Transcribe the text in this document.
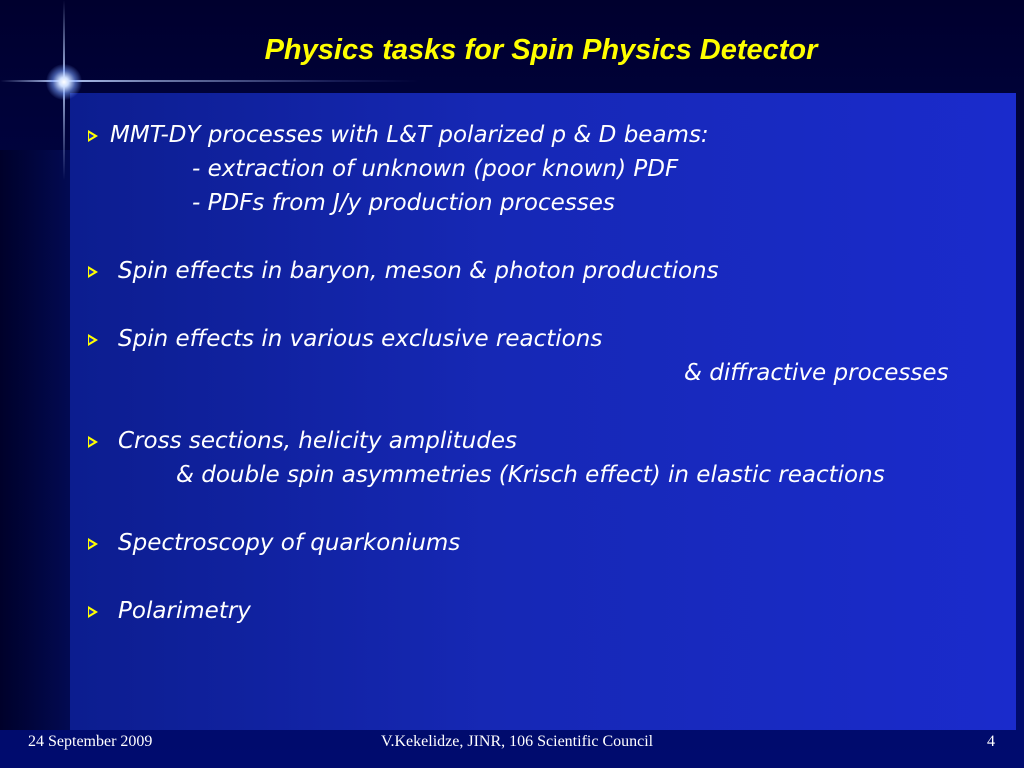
Physics tasks for Spin Physics Detector
MMT-DY processes with L&T polarized p & D beams:
- extraction of unknown (poor known) PDF
- PDFs from J/y production processes
Spin effects in baryon, meson & photon productions
Spin effects in various exclusive reactions
& diffractive processes
Cross sections, helicity amplitudes
& double spin asymmetries (Krisch effect) in elastic reactions
Spectroscopy of quarkoniums
Polarimetry
24 September 2009	V.Kekelidze, JINR, 106 Scientific Council	4
